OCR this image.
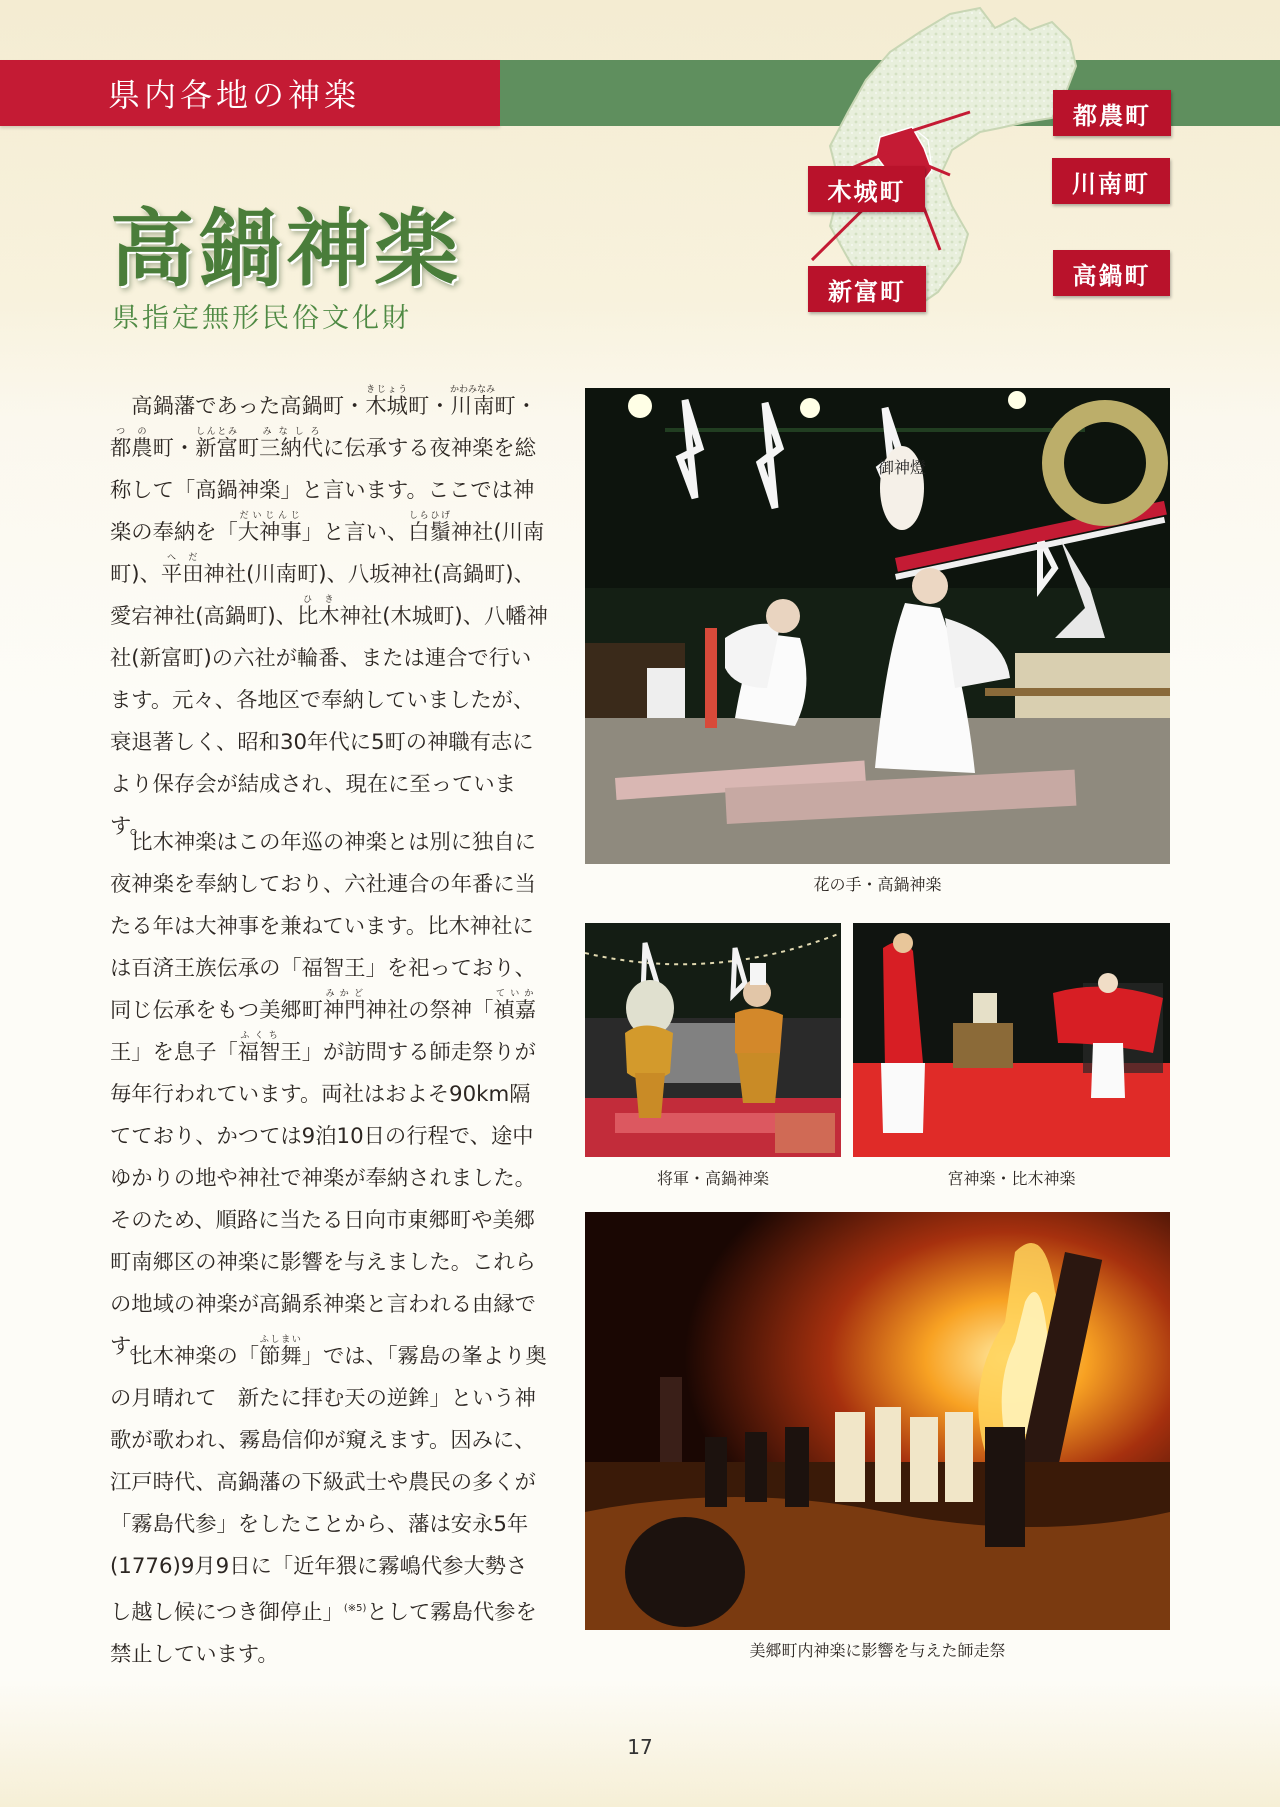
県内各地の神楽
都農町
木城町	川南町
新富町
高鍋町
高鍋神楽
県指定無形民俗文化財

高鍋藩であった高鍋町・木城きじょう町・川南かわみなみ町・都農つの町・新富しんとみ町三納代みなしろに伝承する夜神楽を総称して「高鍋神楽」と言います。ここでは神楽の奉納を「大神事だいじんじ」と言い、白鬚しらひげ神社(川南町)、平田へだ神社(川南町)、八坂神社(高鍋町)、愛宕神社(高鍋町)、比木ひき神社(木城町)、八幡神社(新富町)の六社が輪番、または連合で行います。元々、各地区で奉納していましたが、衰退著しく、昭和30年代に5町の神職有志により保存会が結成され、現在に至っています。

比木神楽はこの年巡の神楽とは別に独自に夜神楽を奉納しており、六社連合の年番に当たる年は大神事を兼ねています。比木神社には百済王族伝承の「福智王」を祀っており、同じ伝承をもつ美郷町神門みかど神社の祭神「禎嘉ていか王」を息子「福智ふくち王」が訪問する師走祭りが毎年行われています。両社はおよそ90km隔てており、かつては9泊10日の行程で、途中ゆかりの地や神社で神楽が奉納されました。そのため、順路に当たる日向市東郷町や美郷町南郷区の神楽に影響を与えました。これらの地域の神楽が高鍋系神楽と言われる由縁です。

比木神楽の「節舞ふしまい」では、「霧島の峯より奥の月晴れて　新たに拝む天の逆鉾」という神歌が歌われ、霧島信仰が窺えます。因みに、江戸時代、高鍋藩の下級武士や農民の多くが「霧島代参」をしたことから、藩は安永5年(1776)9月9日に「近年猥に霧嶋代参大勢さし越し候につき御停止」$^{(※5)}$として霧島代参を禁止しています。

御神燈
花の手・高鍋神楽
将軍・高鍋神楽	宮神楽・比木神楽
美郷町内神楽に影響を与えた師走祭
17
